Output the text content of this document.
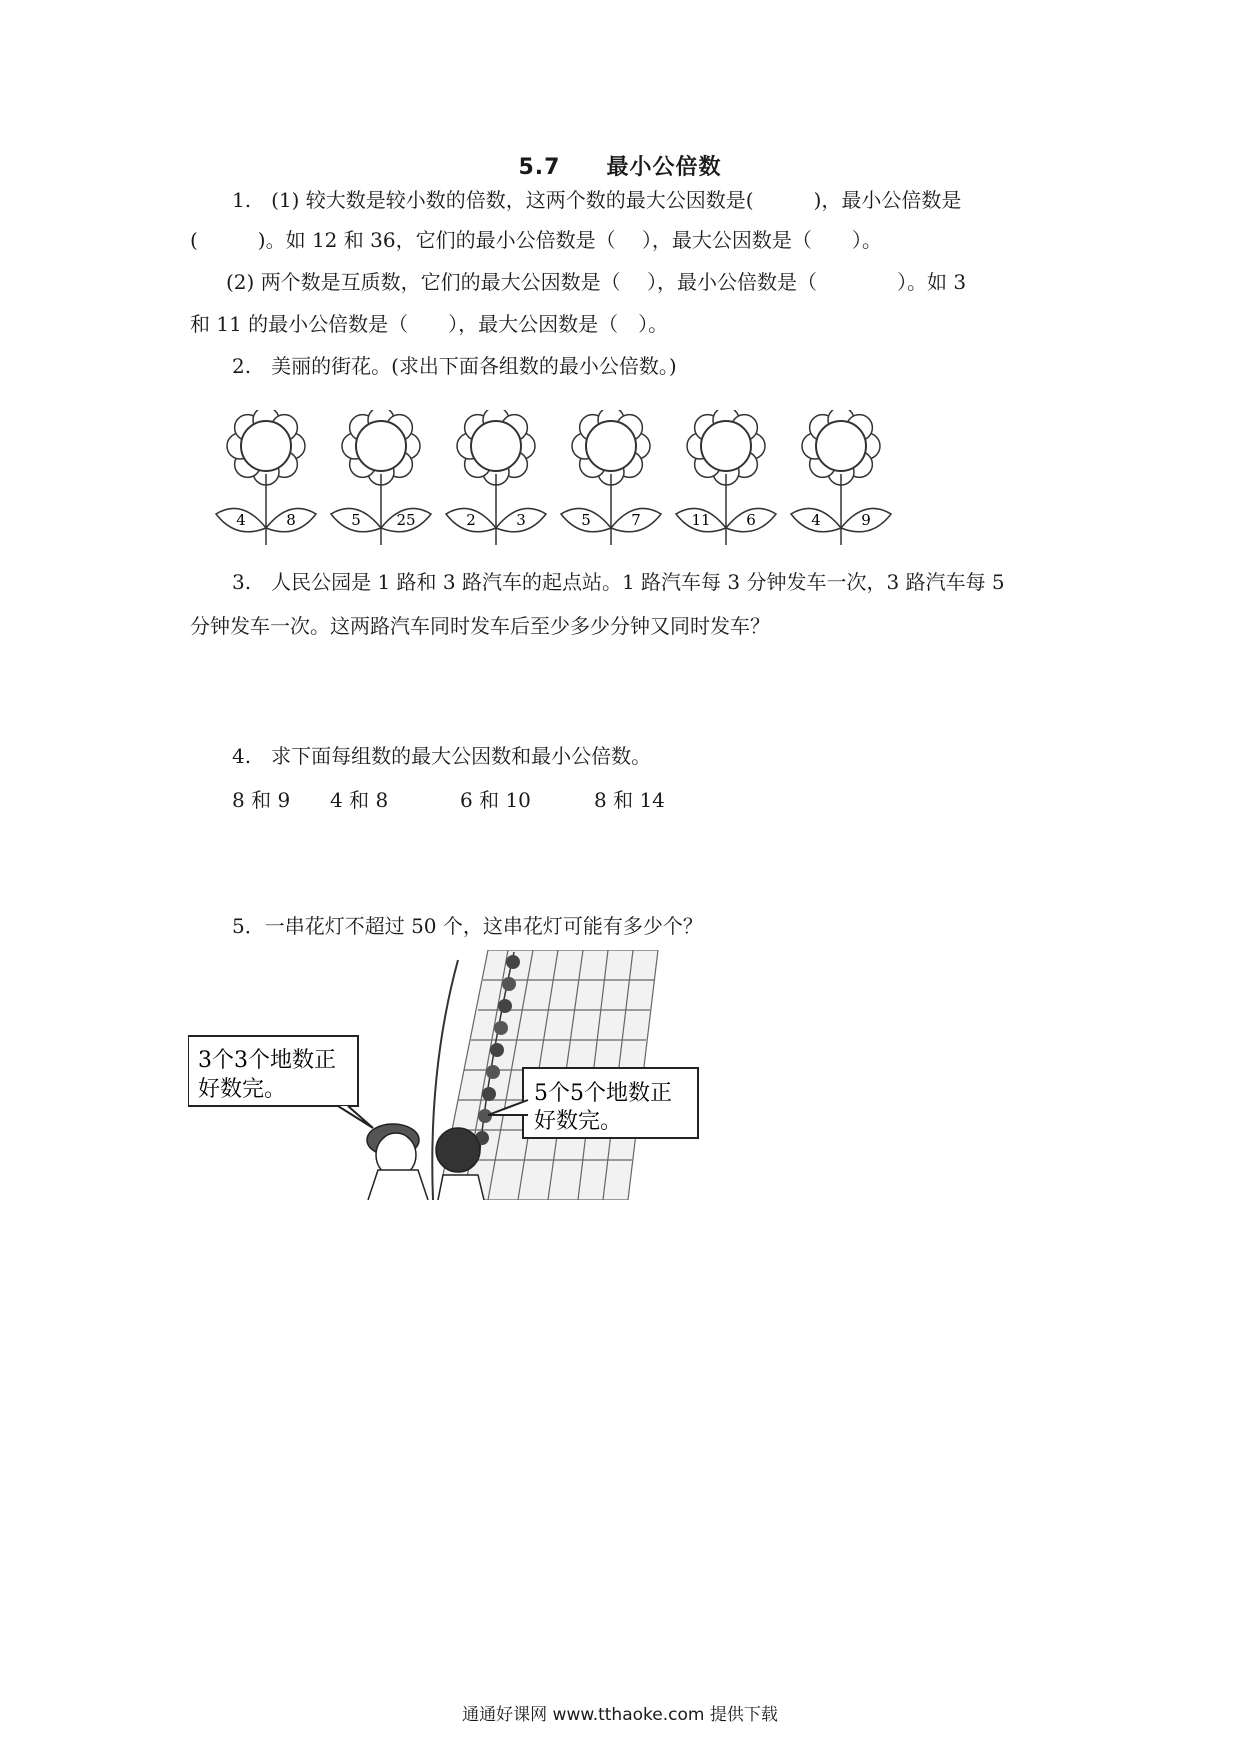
5.7　　最小公倍数
1.　(1) 较大数是较小数的倍数，这两个数的最大公因数是(　　　)，最小公倍数是
(　　　)。如 12 和 36，它们的最小公倍数是（　 ），最大公因数是（　　）。
(2) 两个数是互质数，它们的最大公因数是（　 ），最小公倍数是（　　　　）。如 3
和 11 的最小公倍数是（　　），最大公因数是（　）。
2.　美丽的街花。(求出下面各组数的最小公倍数。)
4	8	5 25	2	3	5	7	11 6	4	9
3.　人民公园是 1 路和 3 路汽车的起点站。1 路汽车每 3 分钟发车一次，3 路汽车每 5
分钟发车一次。这两路汽车同时发车后至少多少分钟又同时发车？
4.　求下面每组数的最大公因数和最小公倍数。
8 和 9 4 和 8	6 和 10	8 和 14
5．一串花灯不超过 50 个，这串花灯可能有多少个？
3个3个地数正
好数完。	5个5个地数正
好数完。
通通好课网 www.tthaoke.com 提供下载
